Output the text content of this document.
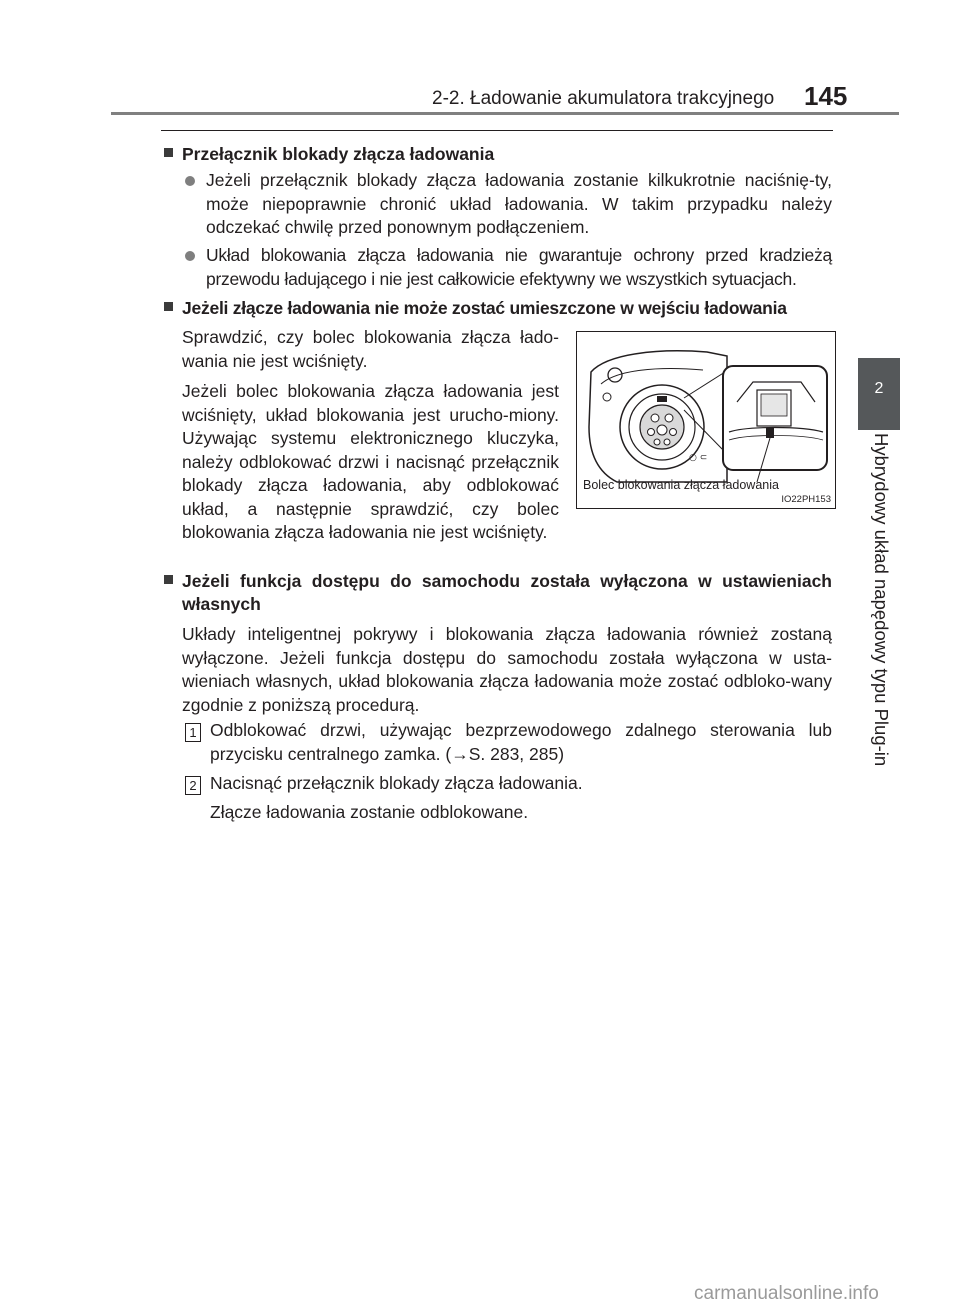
2-2. Ładowanie akumulatora trakcyjnego 145
2
Hybrydowy układ napędowy typu Plug-in
Przełącznik blokady złącza ładowania
Jeżeli przełącznik blokady złącza ładowania zostanie kilkukrotnie naciśnię-ty, może niepoprawnie chronić układ ładowania. W takim przypadku należy odczekać chwilę przed ponownym podłączeniem.
Układ blokowania złącza ładowania nie gwarantuje ochrony przed kradzieżą przewodu ładującego i nie jest całkowicie efektywny we wszystkich sytuacjach.
Jeżeli złącze ładowania nie może zostać umieszczone w wejściu ładowania
Sprawdzić, czy bolec blokowania złącza łado-wania nie jest wciśnięty.
Jeżeli bolec blokowania złącza ładowania jest wciśnięty, układ blokowania jest urucho-miony. Używając systemu elektronicznego kluczyka, należy odblokować drzwi i nacisnąć przełącznik blokady złącza ładowania, aby odblokować układ, a następnie sprawdzić, czy bolec blokowania złącza ładowania nie jest wciśnięty.
○ ⊂
Bolec blokowania złącza ładowania
IO22PH153
Jeżeli funkcja dostępu do samochodu została wyłączona w ustawieniach własnych
Układy inteligentnej pokrywy i blokowania złącza ładowania również zostaną wyłączone. Jeżeli funkcja dostępu do samochodu została wyłączona w usta-wieniach własnych, układ blokowania złącza ładowania może zostać odbloko-wany zgodnie z poniższą procedurą.
1 Odblokować drzwi, używając bezprzewodowego zdalnego sterowania lub przycisku centralnego zamka. (→S. 283, 285)
2 Nacisnąć przełącznik blokady złącza ładowania.
Złącze ładowania zostanie odblokowane.
carmanualsonline.info
